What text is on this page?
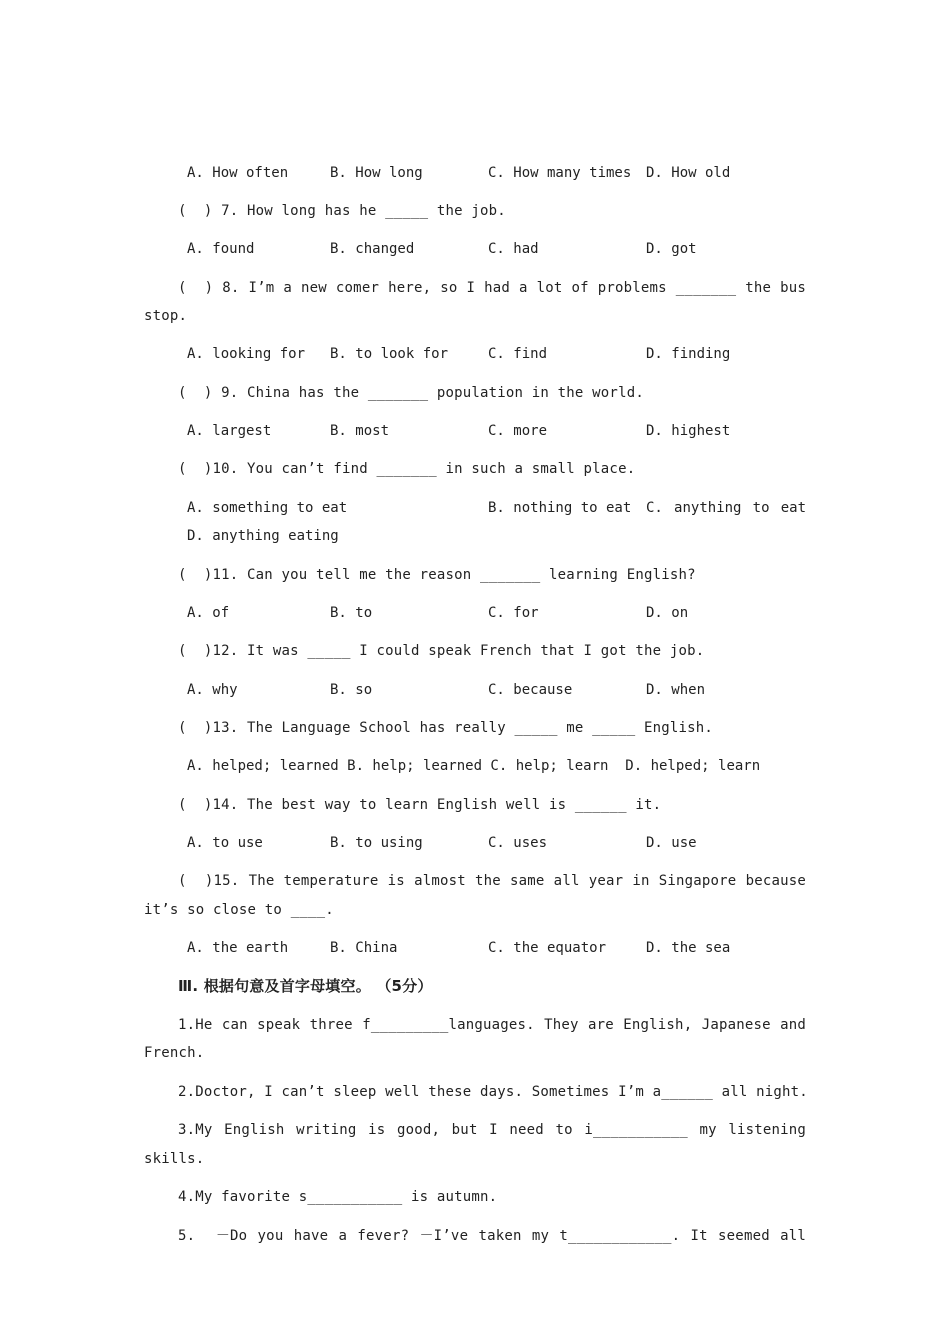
A. How often	B. How long	C. How many times D. How old
(  ) 7. How long has he _____ the job.
A. found	B. changed	C. had	D. got
(  ) 8. I’m a new comer here, so I had a lot of problems _______ the bus
stop.
A. looking for B. to look for	C. find	D. finding
(  ) 9. China has the _______ population in the world.
A. largest	B. most	C. more	D. highest
(  )10. You can’t find _______ in such a small place.
A. something to eat	B. nothing to eat C. anything to eat
D. anything eating
(  )11. Can you tell me the reason _______ learning English?
A. of	B. to	C. for	D. on
(  )12. It was _____ I could speak French that I got the job.
A. why	B. so	C. because	D. when
(  )13. The Language School has really _____ me _____ English.
A. helped; learned B. help; learned C. help; learn  D. helped; learn
(  )14. The best way to learn English well is ______ it.
A. to use	B. to using	C. uses	D. use
(  )15. The temperature is almost the same all year in Singapore because
it’s so close to ____.
A. the earth	B. China	C. the equator	D. the sea
Ⅲ. 根据句意及首字母填空。 （5分）
1.He can speak three f_________languages. They are English, Japanese and
French.
2.Doctor, I can’t sleep well these days. Sometimes I’m a______ all night.
3.My English writing is good, but I need to i___________ my listening
skills.
4.My favorite s___________ is autumn.
5.  －Do you have a fever? －I’ve taken my t____________. It seemed all
